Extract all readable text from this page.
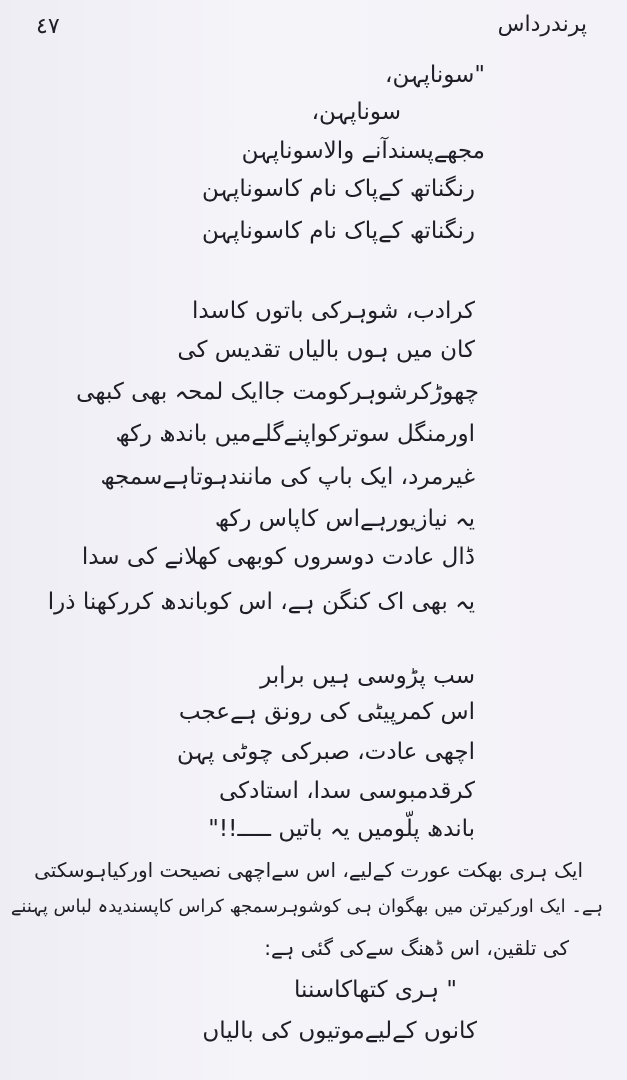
٤٧	پرندرداس
"سوناپہن،
سوناپہن،
مجھےپسندآنے والاسوناپہن
رنگناتھ کےپاک نام کاسوناپہن
رنگناتھ کےپاک نام کاسوناپہن
کرادب، شوہرکی باتوں کاسدا
کان میں ہوں بالیاں تقدیس کی
چھوڑکرشوہرکومت جاایک لمحہ بھی کبھی
اورمنگل سوترکواپنےگلےمیں باندھ رکھ
غیرمرد، ایک باپ کی مانندہوتاہےسمجھ
یہ نیازیورہےاس کاپاس رکھ
ڈال عادت دوسروں کوبھی کھلانے کی سدا
یہ بھی اک کنگن ہے، اس کوباندھ کررکھنا ذرا
سب پڑوسی ہیں برابر
اس کمرپیٹی کی رونق ہےعجب
اچھی عادت، صبرکی چوٹی پہن
کرقدمبوسی سدا، استادکی
باندھ پلّومیں یہ باتیں ـــــ!!"
ایک ہری بھکت عورت کےلیے، اس سےاچھی نصیحت اورکیاہوسکتی
ہے۔ ایک اورکیرتن میں بھگوان ہی کوشوہرسمجھ کراس کاپسندیدہ لباس پہننے
کی تلقین، اس ڈھنگ سےکی گئی ہے:
" ہری کتھاکاسننا
کانوں کےلیےموتیوں کی بالیاں
